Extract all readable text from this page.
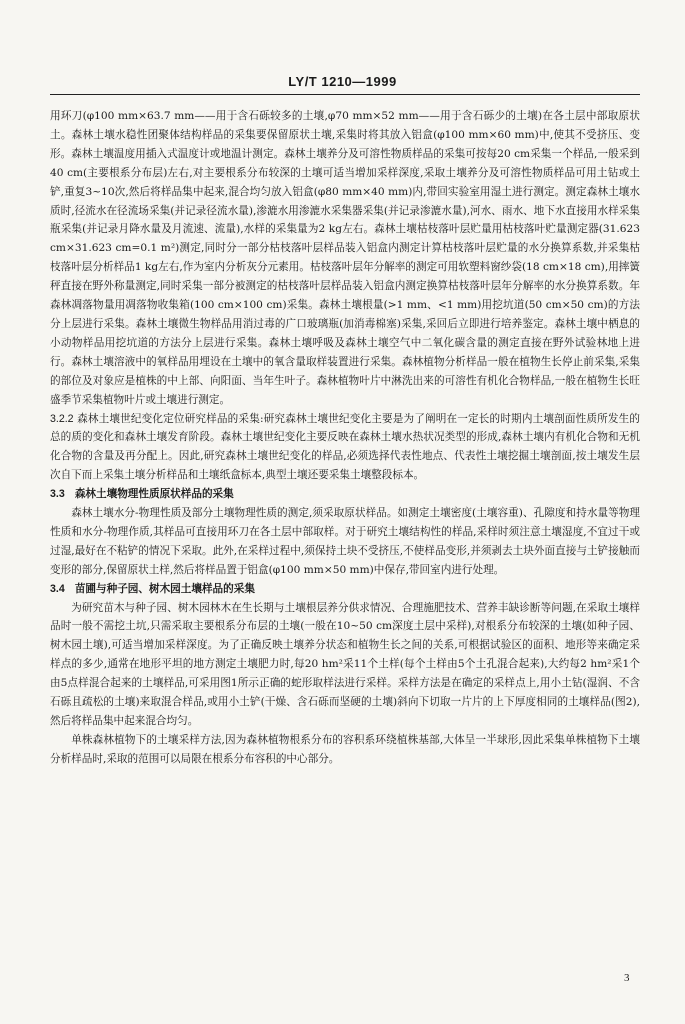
LY/T 1210—1999

用环刀(φ100 mm×63.7 mm——用于含石砾较多的土壤,φ70 mm×52 mm——用于含石砾少的土壤)在各土层中部取原状土。森林土壤水稳性团聚体结构样品的采集要保留原状土壤,采集时将其放入铝盒(φ100 mm×60 mm)中,使其不受挤压、变形。森林土壤温度用插入式温度计或地温计测定。森林土壤养分及可溶性物质样品的采集可按每20 cm采集一个样品,一般采到40 cm(主要根系分布层)左右,对主要根系分布较深的土壤可适当增加采样深度,采取土壤养分及可溶性物质样品可用土钻或土铲,重复3~10次,然后将样品集中起来,混合均匀放入铝盒(φ80 mm×40 mm)内,带回实验室用湿土进行测定。测定森林土壤水质时,径流水在径流场采集(并记录径流水量),渗漉水用渗漉水采集器采集(并记录渗漉水量),河水、雨水、地下水直接用水样采集瓶采集(并记录月降水量及月流速、流量),水样的采集量为2 kg左右。森林土壤枯枝落叶层贮量用枯枝落叶贮量测定器(31.623 cm×31.623 cm=0.1 m²)测定,同时分一部分枯枝落叶层样品装入铝盒内测定计算枯枝落叶层贮量的水分换算系数,并采集枯枝落叶层分析样品1 kg左右,作为室内分析灰分元素用。枯枝落叶层年分解率的测定可用软塑料窗纱袋(18 cm×18 cm),用摔簧秤直接在野外称量测定,同时采集一部分被测定的枯枝落叶层样品装入铝盒内测定换算枯枝落叶层年分解率的水分换算系数。年森林凋落物量用凋落物收集箱(100 cm×100 cm)采集。森林土壤根量(>1 mm、<1 mm)用挖坑道(50 cm×50 cm)的方法分上层进行采集。森林土壤微生物样品用消过毒的广口玻璃瓶(加消毒棉塞)采集,采回后立即进行培养鉴定。森林土壤中栖息的小动物样品用挖坑道的方法分上层进行采集。森林土壤呼吸及森林土壤空气中二氧化碳含量的测定直接在野外试验林地上进行。森林土壤溶液中的氧样品用埋设在土壤中的氧含量取样装置进行采集。森林植物分析样品一般在植物生长停止前采集,采集的部位及对象应是植株的中上部、向阳面、当年生叶子。森林植物叶片中淋洗出来的可溶性有机化合物样品,一般在植物生长旺盛季节采集植物叶片或土壤进行测定。

3.2.2 森林土壤世纪变化定位研究样品的采集:研究森林土壤世纪变化主要是为了阐明在一定长的时期内土壤剖面性质所发生的总的质的变化和森林土壤发育阶段。森林土壤世纪变化主要反映在森林土壤水热状况类型的形成,森林土壤内有机化合物和无机化合物的含量及再分配上。因此,研究森林土壤世纪变化的样品,必须选择代表性地点、代表性土壤挖掘土壤剖面,按土壤发生层次自下而上采集土壤分析样品和土壤纸盒标本,典型土壤还要采集土壤整段标本。

3.3 森林土壤物理性质原状样品的采集

森林土壤水分-物理性质及部分土壤物理性质的测定,须采取原状样品。如测定土壤密度(土壤容重)、孔隙度和持水量等物理性质和水分-物理作质,其样品可直接用环刀在各土层中部取样。对于研究土壤结构性的样品,采样时须注意土壤湿度,不宜过干或过湿,最好在不粘铲的情况下采取。此外,在采样过程中,须保持土块不受挤压,不使样品变形,并须剥去土块外面直接与土铲接触而变形的部分,保留原状土样,然后将样品置于铝盒(φ100 mm×50 mm)中保存,带回室内进行处理。

3.4 苗圃与种子园、树木园土壤样品的采集

为研究苗木与种子园、树木园林木在生长期与土壤根层养分供求情况、合理施肥技术、营养丰缺诊断等问题,在采取土壤样品时一般不需挖土坑,只需采取主要根系分布层的土壤(一般在10~50 cm深度土层中采样),对根系分布较深的土壤(如种子园、树木园土壤),可适当增加采样深度。为了正确反映土壤养分状态和植物生长之间的关系,可根据试验区的面积、地形等来确定采样点的多少,通常在地形平坦的地方测定土壤肥力时,每20 hm²采11个土样(每个土样由5个土孔混合起来),大约每2 hm²采1个由5点样混合起来的土壤样品,可采用图1所示正确的蛇形取样法进行采样。采样方法是在确定的采样点上,用小土钻(湿润、不含石砾且疏松的土壤)来取混合样品,或用小土铲(干燥、含石砾而坚硬的土壤)斜向下切取一片片的上下厚度相同的土壤样品(图2),然后将样品集中起来混合均匀。

单株森林植物下的土壤采样方法,因为森林植物根系分布的容积系环绕植株基部,大体呈一半球形,因此采集单株植物下土壤分析样品时,采取的范围可以局限在根系分布容积的中心部分。

3
